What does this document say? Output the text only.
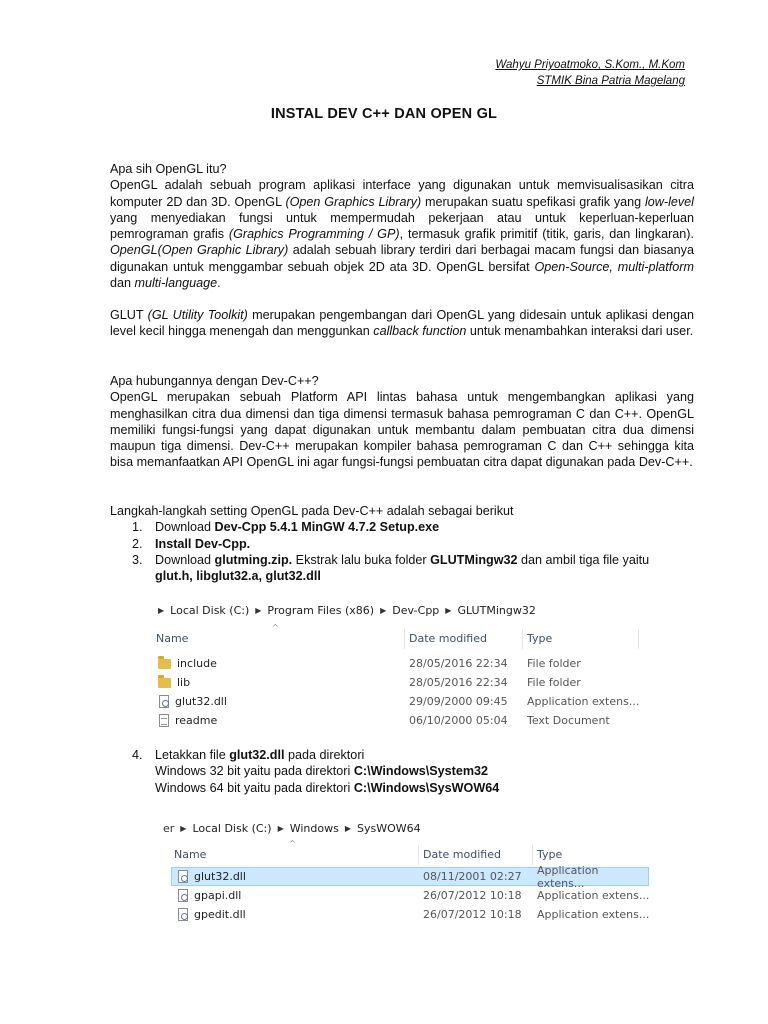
Wahyu Priyoatmoko, S.Kom., M.Kom
STMIK Bina Patria Magelang
INSTAL DEV C++ DAN OPEN GL
Apa sih OpenGL itu?
OpenGL adalah sebuah program aplikasi interface yang digunakan untuk memvisualisasikan citra komputer 2D dan 3D. OpenGL (Open Graphics Library) merupakan suatu spefikasi grafik yang low-level yang menyediakan fungsi untuk mempermudah pekerjaan atau untuk keperluan-keperluan pemrograman grafis (Graphics Programming / GP), termasuk grafik primitif (titik, garis, dan lingkaran). OpenGL(Open Graphic Library) adalah sebuah library terdiri dari berbagai macam fungsi dan biasanya digunakan untuk menggambar sebuah objek 2D ata 3D. OpenGL bersifat Open-Source, multi-platform dan multi-language.
GLUT (GL Utility Toolkit) merupakan pengembangan dari OpenGL yang didesain untuk aplikasi dengan level kecil hingga menengah dan menggunkan callback function untuk menambahkan interaksi dari user.
Apa hubungannya dengan Dev-C++?
OpenGL merupakan sebuah Platform API lintas bahasa untuk mengembangkan aplikasi yang menghasilkan citra dua dimensi dan tiga dimensi termasuk bahasa pemrograman C dan C++. OpenGL memiliki fungsi-fungsi yang dapat digunakan untuk membantu dalam pembuatan citra dua dimensi maupun tiga dimensi. Dev-C++ merupakan kompiler bahasa pemrograman C dan C++ sehingga kita bisa memanfaatkan API OpenGL ini agar fungsi-fungsi pembuatan citra dapat digunakan pada Dev-C++.
Langkah-langkah setting OpenGL pada Dev-C++ adalah sebagai berikut
1. Download Dev-Cpp 5.4.1 MinGW 4.7.2 Setup.exe
2. Install Dev-Cpp.
3. Download glutming.zip. Ekstrak lalu buka folder GLUTMingw32 dan ambil tiga file yaitu
glut.h, libglut32.a, glut32.dll
4. Letakkan file glut32.dll pada direktori
Windows 32 bit yaitu pada direktori C:\Windows\System32
Windows 64 bit yaitu pada direktori C:\Windows\SysWOW64
▶ Local Disk (C:) ▶ Program Files (x86) ▶ Dev-Cpp ▶ GLUTMingw32
^
Name	Date modified	Type
include	28/05/2016 22:34 File folder
lib	28/05/2016 22:34 File folder
glut32.dll	29/09/2000 09:45 Application extens...
readme	06/10/2000 05:04 Text Document
er ▶ Local Disk (C:) ▶ Windows ▶ SysWOW64
^
Name	Date modified	Type
glut32.dll	08/11/2001 02:27 Application extens...
gpapi.dll	26/07/2012 10:18 Application extens...
gpedit.dll	26/07/2012 10:18 Application extens...
